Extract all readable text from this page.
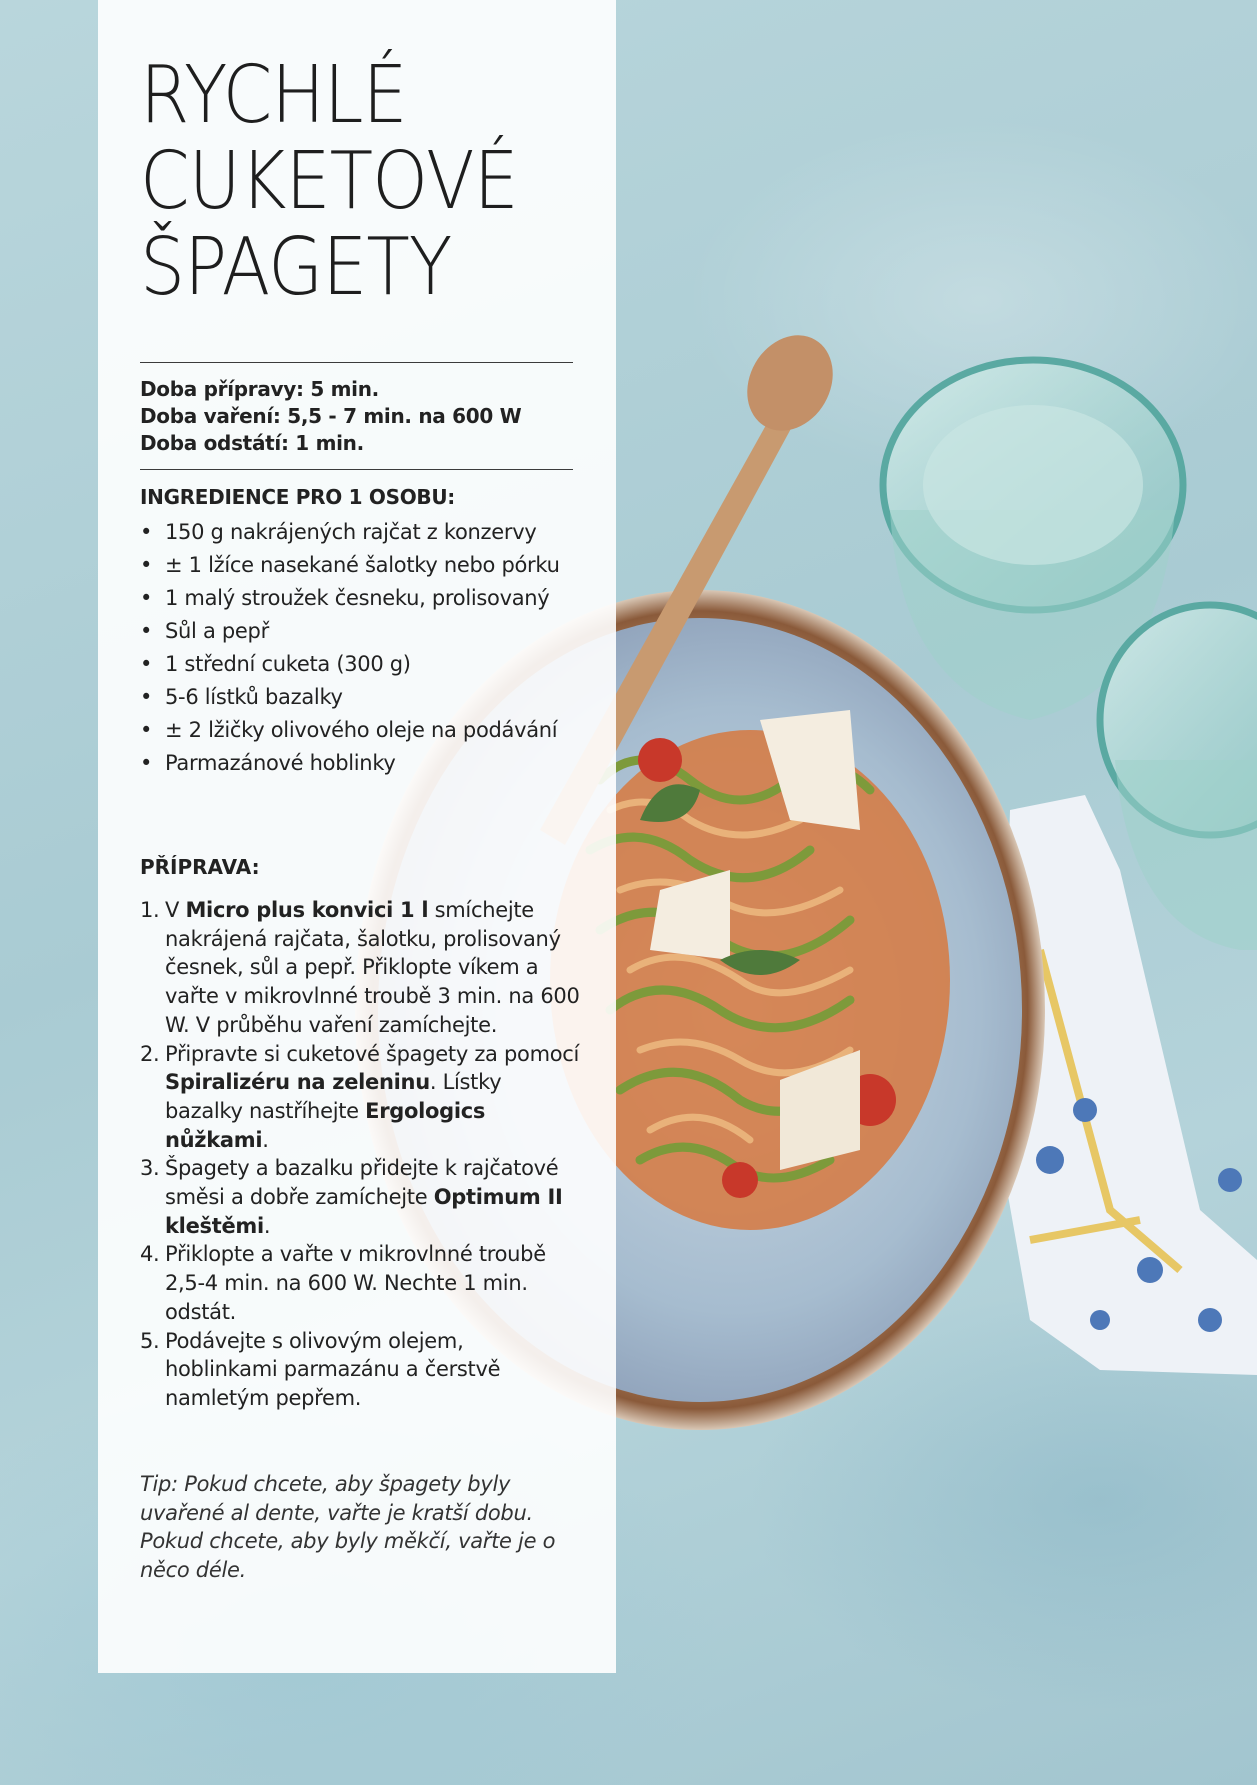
RYCHLÉ
CUKETOVÉ
ŠPAGETY
Doba přípravy: 5 min.
Doba vaření: 5,5 - 7 min. na 600 W
Doba odstátí: 1 min.
INGREDIENCE PRO 1 OSOBU:
• 150 g nakrájených rajčat z konzervy
• ± 1 lžíce nasekané šalotky nebo pórku
• 1 malý stroužek česneku, prolisovaný
• Sůl a pepř
• 1 střední cuketa (300 g)
• 5-6 lístků bazalky
• ± 2 lžičky olivového oleje na podávání
• Parmazánové hoblinky
PŘÍPRAVA:
1. V Micro plus konvici 1 l smíchejte nakrájená rajčata, šalotku, prolisovaný česnek, sůl a pepř. Přiklopte víkem a vařte v mikrovlnné troubě 3 min. na 600 W. V průběhu vaření zamíchejte.
2. Připravte si cuketové špagety za pomocí Spiralizéru na zeleninu. Lístky bazalky nastříhejte Ergologics nůžkami.
3. Špagety a bazalku přidejte k rajčatové směsi a dobře zamíchejte Optimum II kleštěmi.
4. Přiklopte a vařte v mikrovlnné troubě 2,5-4 min. na 600 W. Nechte 1 min. odstát.
5. Podávejte s olivovým olejem, hoblinkami parmazánu a čerstvě namletým pepřem.
Tip: Pokud chcete, aby špagety byly uvařené al dente, vařte je kratší dobu. Pokud chcete, aby byly měkčí, vařte je o něco déle.
